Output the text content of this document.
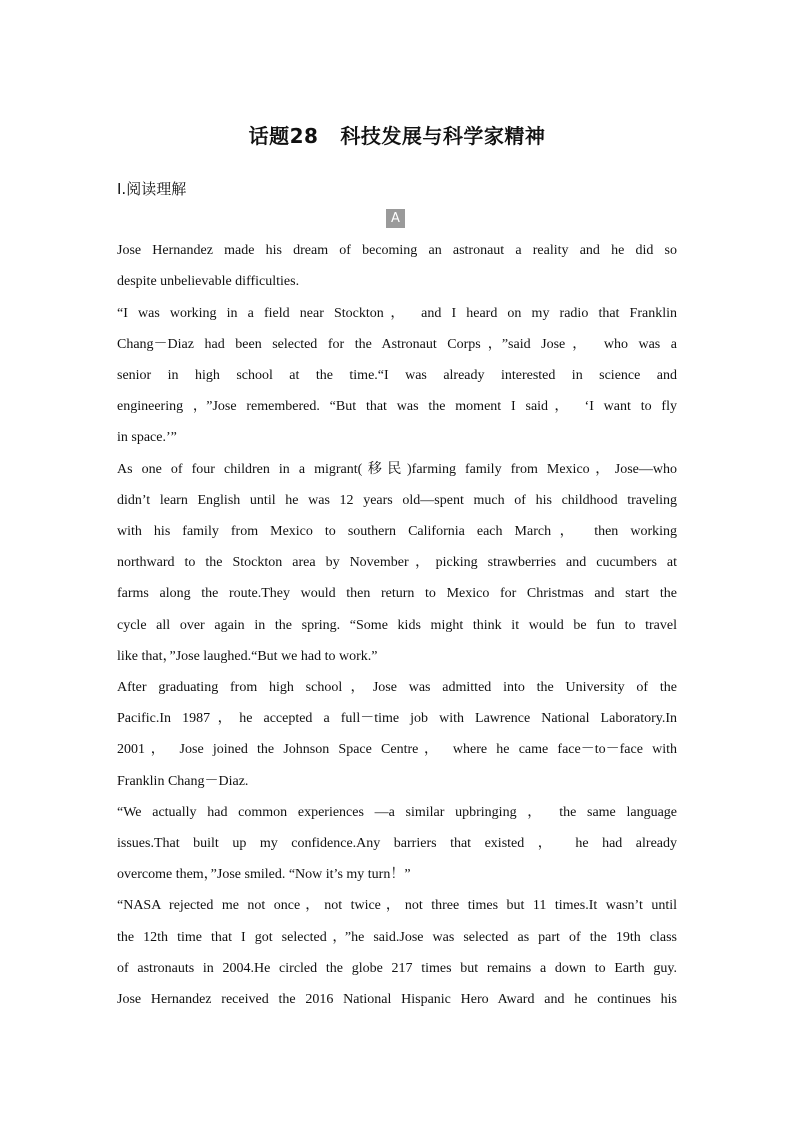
话题28 科技发展与科学家精神
Ⅰ.阅读理解
A
Jose Hernandez made his dream of becoming an astronaut a reality and he did so
despite unbelievable difficulties.
“I was working in a field near Stockton， and I heard on my radio that Franklin
Chang－Diaz had been selected for the Astronaut Corps，”said Jose， who was a
senior in high school at the time.“I was already interested in science and
engineering ，”Jose remembered. “But that was the moment I said， ‘I want to fly
in space.’”
As one of four children in a migrant(移民)farming family from Mexico，Jose—who
didn’t learn English until he was 12 years old—spent much of his childhood traveling
with his family from Mexico to southern California each March， then working
northward to the Stockton area by November，picking strawberries and cucumbers at
farms along the route.They would then return to Mexico for Christmas and start the
cycle all over again in the spring. “Some kids might think it would be fun to travel
like that，”Jose laughed.“But we had to work.”
After graduating from high school，Jose was admitted into the University of the
Pacific.In 1987，he accepted a full－time job with Lawrence National Laboratory.In
2001， Jose joined the Johnson Space Centre， where he came face－to－face with
Franklin Chang－Diaz.
“We actually had common experiences —a similar upbringing ， the same language
issues.That built up my confidence.Any barriers that existed ， he had already
overcome them，”Jose smiled. “Now it’s my turn！”
“NASA rejected me not once，not twice，not three times but 11 times.It wasn’t until
the 12th time that I got selected，”he said.Jose was selected as part of the 19th class
of astronauts in 2004.He circled the globe 217 times but remains a down to Earth guy.
Jose Hernandez received the 2016 National Hispanic Hero Award and he continues his
